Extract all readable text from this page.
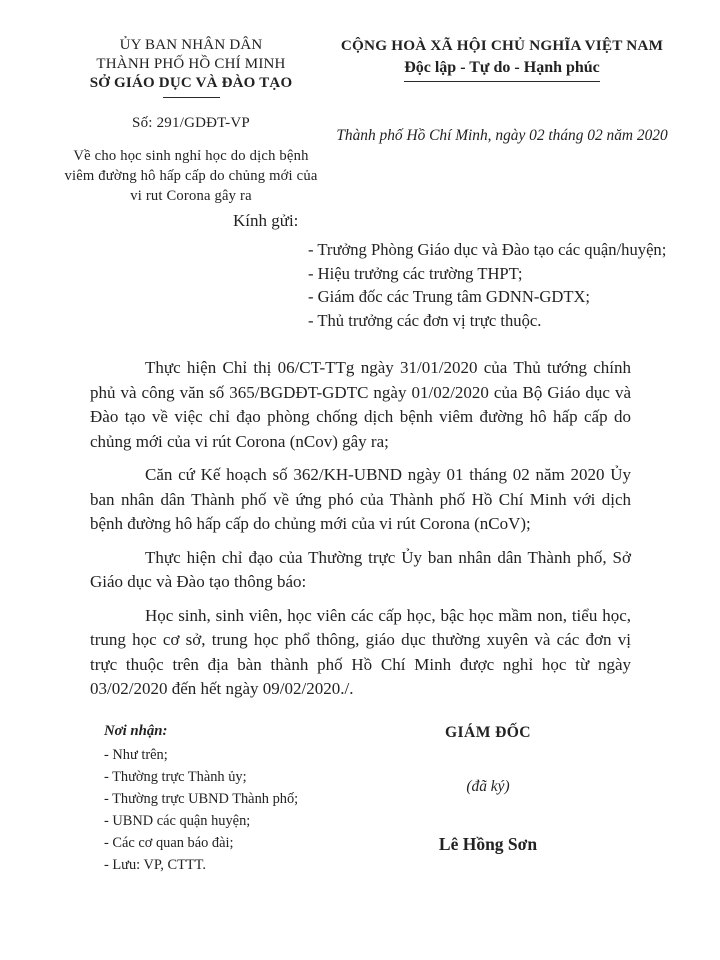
ỦY BAN NHÂN DÂN
THÀNH PHỐ HỒ CHÍ MINH
SỞ GIÁO DỤC VÀ ĐÀO TẠO
Số: 291/GDĐT-VP
Về cho học sinh nghỉ học do dịch bệnh viêm đường hô hấp cấp do chủng mới của vi rut Corona gây ra
CỘNG HOÀ XÃ HỘI CHỦ NGHĨA VIỆT NAM
Độc lập - Tự do - Hạnh phúc
Thành phố Hồ Chí Minh, ngày 02 tháng 02 năm 2020
Kính gửi:
- Trưởng Phòng Giáo dục và Đào tạo các quận/huyện;
- Hiệu trưởng các trường THPT;
- Giám đốc các Trung tâm GDNN-GDTX;
- Thủ trưởng các đơn vị trực thuộc.

Thực hiện Chỉ thị 06/CT-TTg ngày 31/01/2020 của Thủ tướng chính phủ và công văn số 365/BGDĐT-GDTC ngày 01/02/2020 của Bộ Giáo dục và Đào tạo về việc chỉ đạo phòng chống dịch bệnh viêm đường hô hấp cấp do chủng mới của vi rút Corona (nCov) gây ra;

Căn cứ Kế hoạch số 362/KH-UBND ngày 01 tháng 02 năm 2020 Ủy ban nhân dân Thành phố về ứng phó của Thành phố Hồ Chí Minh với dịch bệnh đường hô hấp cấp do chủng mới của vi rút Corona (nCoV);

Thực hiện chỉ đạo của Thường trực Ủy ban nhân dân Thành phố, Sở Giáo dục và Đào tạo thông báo:

Học sinh, sinh viên, học viên các cấp học, bậc học mầm non, tiểu học, trung học cơ sở, trung học phổ thông, giáo dục thường xuyên và các đơn vị trực thuộc trên địa bàn thành phố Hồ Chí Minh được nghỉ học từ ngày 03/02/2020 đến hết ngày 09/02/2020./.

Nơi nhận:
- Như trên;
- Thường trực Thành ủy;
- Thường trực UBND Thành phố;
- UBND các quận huyện;
- Các cơ quan báo đài;
- Lưu: VP, CTTT.
GIÁM ĐỐC
(đã ký)
Lê Hồng Sơn
